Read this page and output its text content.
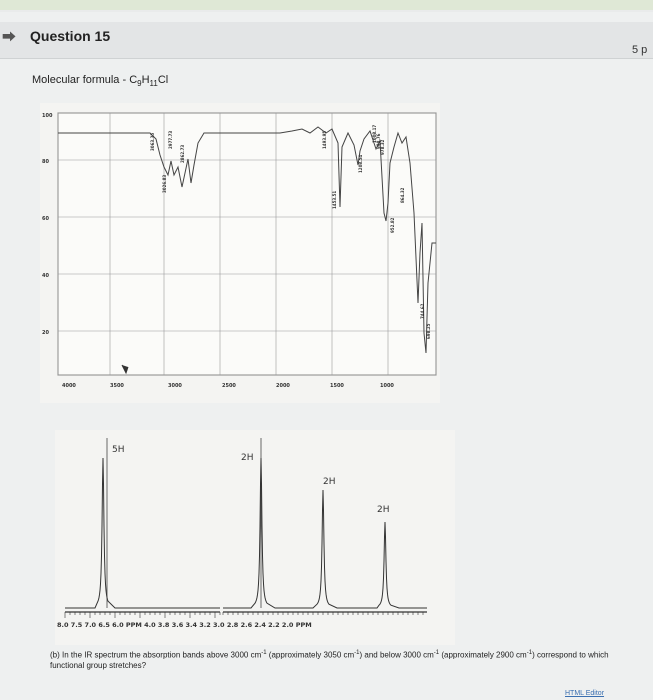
⮕ Question 15
5 p
Molecular formula - $C_9H_{11}Cl$
100
80
60
40
20
4000	3500	3000	2500	2000	1500	1000
3063.35
3026.83
2977.73
2862.73
1493.95
1453.51
1208.54
1008.17 998.76 978.32
952.82
864.32
744.62
698.25
5H
2H
2H
2H
8.0 7.5 7.0 6.5 6.0 PPM 4.0 3.8 3.6 3.4 3.2 3.0 2.8 2.6 2.4 2.2 2.0 PPM
(b) In the IR spectrum the absorption bands above 3000 $cm^{-1}$ (approximately 3050 $cm^{-1}$) and below 3000 $cm^{-1}$ (approximately 2900 $cm^{-1}$) correspond to which functional group stretches?
HTML Editor
